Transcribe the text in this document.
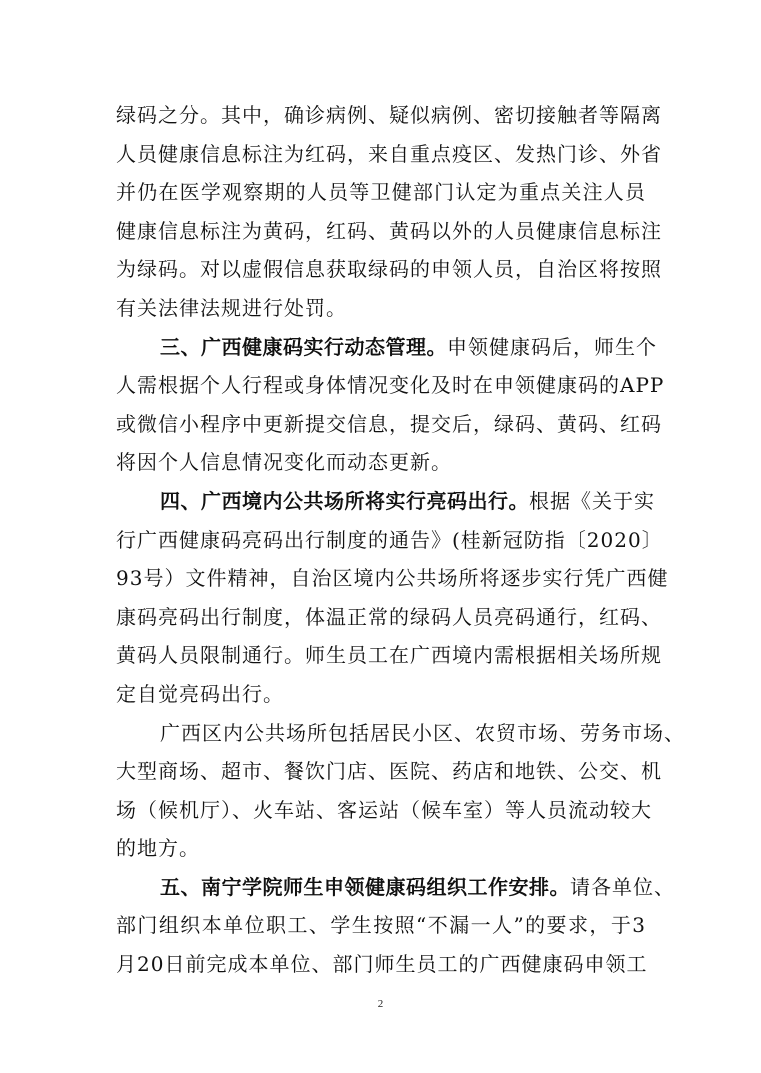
绿码之分。其中，确诊病例、疑似病例、密切接触者等隔离
人员健康信息标注为红码，来自重点疫区、发热门诊、外省
并仍在医学观察期的人员等卫健部门认定为重点关注人员
健康信息标注为黄码，红码、黄码以外的人员健康信息标注
为绿码。对以虚假信息获取绿码的申领人员，自治区将按照
有关法律法规进行处罚。
三、广西健康码实行动态管理。申领健康码后，师生个
人需根据个人行程或身体情况变化及时在申领健康码的APP
或微信小程序中更新提交信息，提交后，绿码、黄码、红码
将因个人信息情况变化而动态更新。
四、广西境内公共场所将实行亮码出行。根据《关于实
行广西健康码亮码出行制度的通告》(桂新冠防指〔2020〕
93号）文件精神，自治区境内公共场所将逐步实行凭广西健
康码亮码出行制度，体温正常的绿码人员亮码通行，红码、
黄码人员限制通行。师生员工在广西境内需根据相关场所规
定自觉亮码出行。
广西区内公共场所包括居民小区、农贸市场、劳务市场、
大型商场、超市、餐饮门店、医院、药店和地铁、公交、机
场（候机厅）、火车站、客运站（候车室）等人员流动较大
的地方。
五、南宁学院师生申领健康码组织工作安排。请各单位、
部门组织本单位职工、学生按照“不漏一人”的要求，于3
月20日前完成本单位、部门师生员工的广西健康码申领工
2
